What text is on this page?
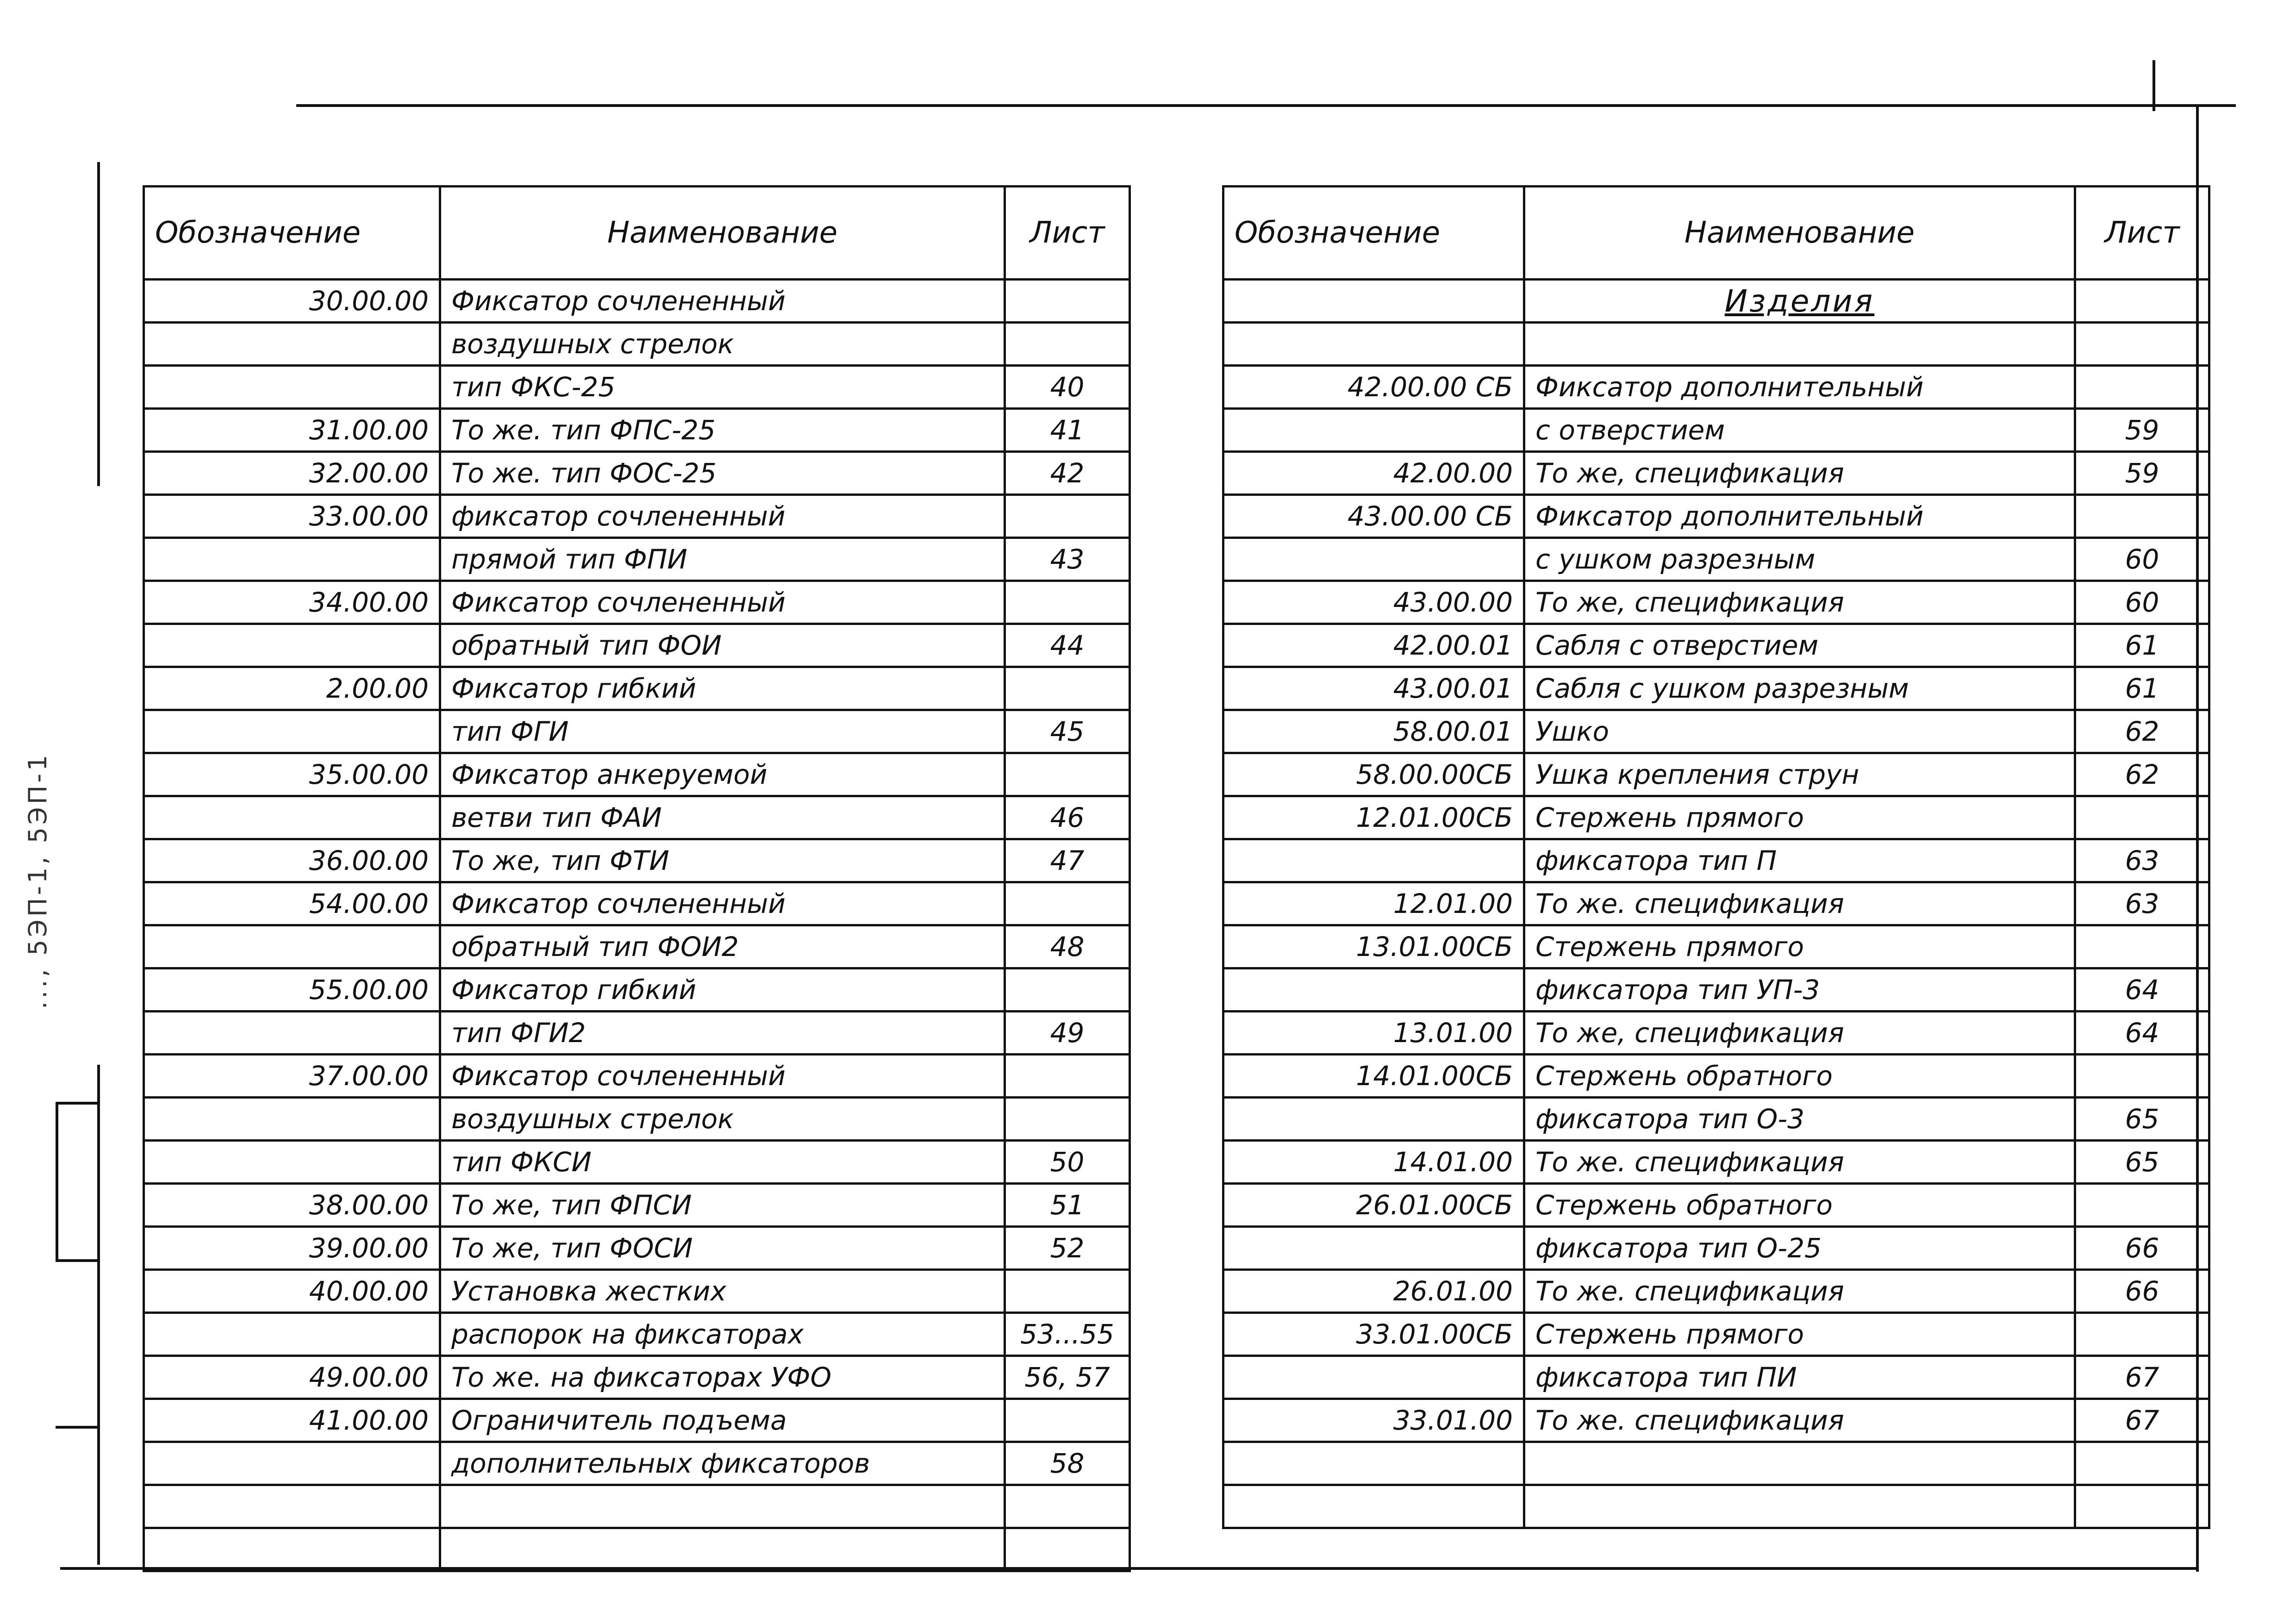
..., 5ЭП-1, 5ЭП-1
Обозначение	Наименование	Лист
30.00.00	Фиксатор сочлененный	
	воздушных стрелок	
	тип ФКС-25	40
31.00.00	То же. тип ФПС-25	41
32.00.00	То же. тип ФОС-25	42
33.00.00	фиксатор сочлененный	
	прямой тип ФПИ	43
34.00.00	Фиксатор сочлененный	
	обратный тип ФОИ	44
2.00.00	Фиксатор гибкий	
	тип ФГИ	45
35.00.00	Фиксатор анкеруемой	
	ветви тип ФАИ	46
36.00.00	То же, тип ФТИ	47
54.00.00	Фиксатор сочлененный	
	обратный тип ФОИ2	48
55.00.00	Фиксатор гибкий	
	тип ФГИ2	49
37.00.00	Фиксатор сочлененный	
	воздушных стрелок	
	тип ФКСИ	50
38.00.00	То же, тип ФПСИ	51
39.00.00	То же, тип ФОСИ	52
40.00.00	Установка жестких	
	распорок на фиксаторах	53...55
49.00.00	То же. на фиксаторах УФО	56, 57
41.00.00	Ограничитель подъема	
	дополнительных фиксаторов	58

Обозначение	Наименование	Лист
	Изделия	

42.00.00 СБ	Фиксатор дополнительный	
	с отверстием	59
42.00.00	То же, спецификация	59
43.00.00 СБ	Фиксатор дополнительный	
	с ушком разрезным	60
43.00.00	То же, спецификация	60
42.00.01	Сабля с отверстием	61
43.00.01	Сабля с ушком разрезным	61
58.00.01	Ушко	62
58.00.00СБ	Ушка крепления струн	62
12.01.00СБ	Стержень прямого	
	фиксатора тип П	63
12.01.00	То же. спецификация	63
13.01.00СБ	Стержень прямого	
	фиксатора тип УП-3	64
13.01.00	То же, спецификация	64
14.01.00СБ	Стержень обратного	
	фиксатора тип О-3	65
14.01.00	То же. спецификация	65
26.01.00СБ	Стержень обратного	
	фиксатора тип О-25	66
26.01.00	То же. спецификация	66
33.01.00СБ	Стержень прямого	
	фиксатора тип ПИ	67
33.01.00	То же. спецификация	67
